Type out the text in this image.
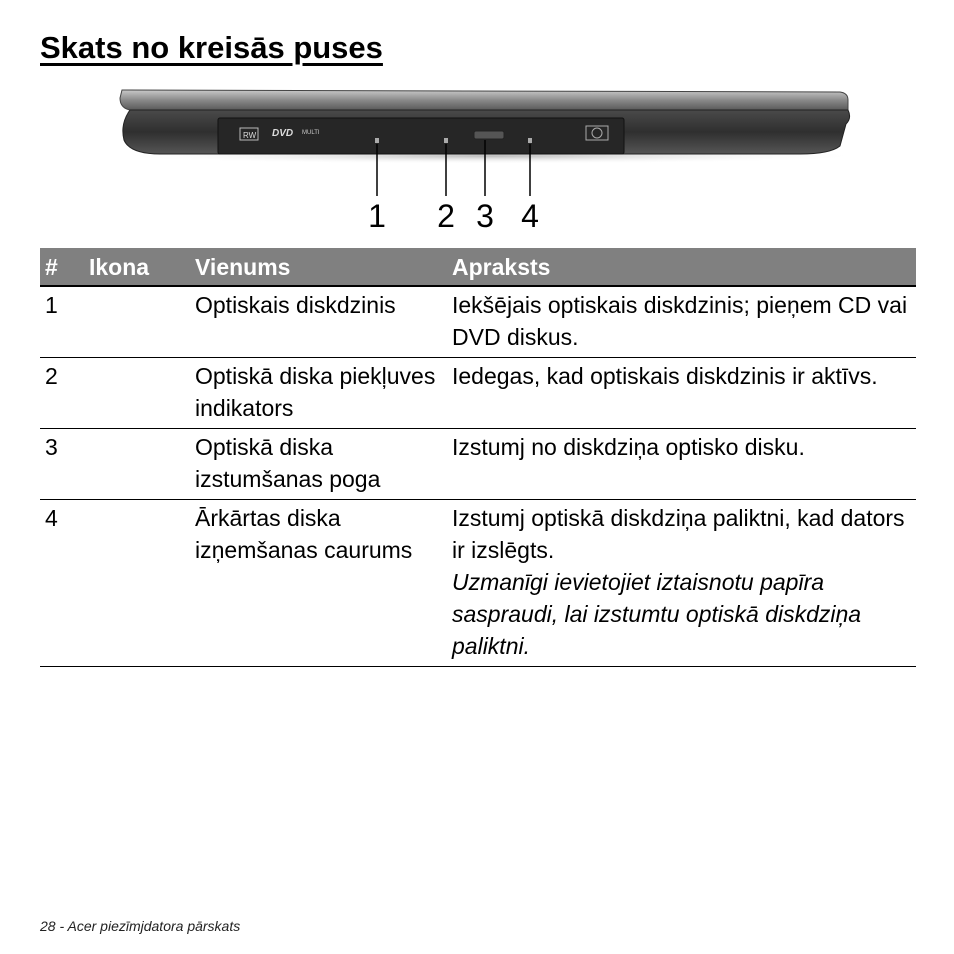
Skats no kreisās puses
RW DVD MULTI
1 2 3 4
#	Ikona	Vienums	Apraksts
1		Optiskais diskdzinis	Iekšējais optiskais diskdzinis; pieņem CD vai DVD diskus.
2		Optiskā diska piekļuves indikators	Iedegas, kad optiskais diskdzinis ir aktīvs.
3		Optiskā diska izstumšanas poga	Izstumj no diskdziņa optisko disku.
4		Ārkārtas diska izņemšanas caurums	Izstumj optiskā diskdziņa paliktni, kad dators ir izslēgts.
Uzmanīgi ievietojiet iztaisnotu papīra saspraudi, lai izstumtu optiskā diskdziņa paliktni.
28 - Acer piezīmjdatora pārskats
